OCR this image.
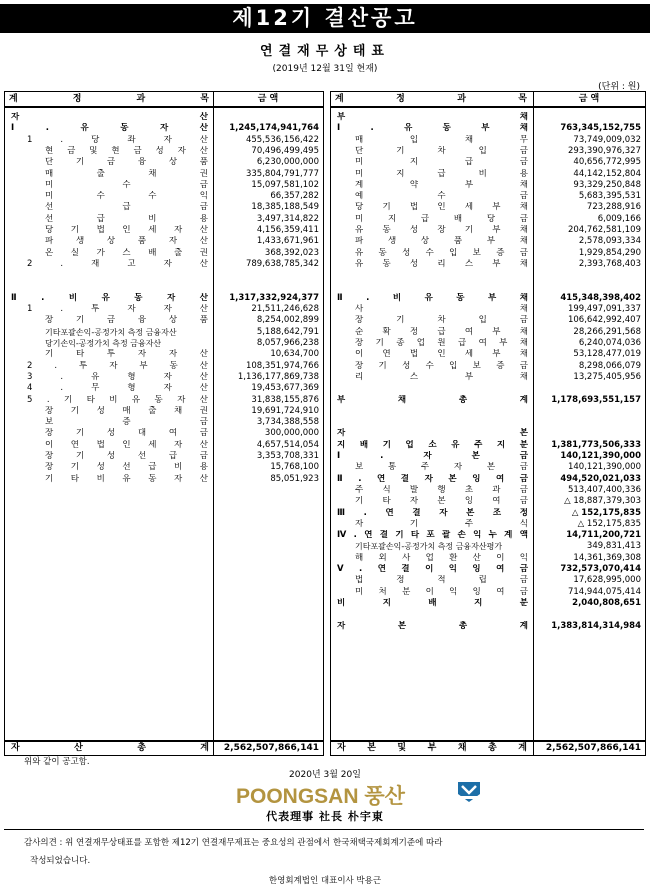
제12기 결산공고
연결재무상태표
(2019년 12월 31일 현재)
(단위 : 원)
계	정	과	목	금 액
자	산
Ⅰ	.	유	동	자	산	1,245,174,941,764
1	.	당	좌	자	산	455,536,156,422
현 금 및 현 금 성 자 산	70,496,499,495
단	기	금	융	상	품	6,230,000,000
매	출	채	권	335,804,791,777
미	수	금	15,097,581,102
미	수	수	익	66,357,282
선	급	금	18,385,188,549
선	급	비	용	3,497,314,822
당 기 법 인 세 자 산	4,156,359,411
파	생	상	품	자	산	1,433,671,961
온 실 가 스 배 출 권	368,392,023
2	.	재	고	자	산	789,638,785,342
Ⅱ	.	비	유	동	자	산	1,317,332,924,377
1	.	투	자	자	산	21,511,246,628
장	기	금	융	상	품	8,254,002,899
기타포괄손익-공정가치 측정 금융자산	5,188,642,791
당기손익-공정가치 측정 금융자산	8,057,966,238
기	타	투	자	자	산	10,634,700
2	.	투	자	부	동	산	108,351,974,766
3	.	유	형	자	산	1,136,177,869,738
4	.	무	형	자	산	19,453,677,369
5 . 기 타 비 유 동 자 산	31,838,155,876
장 기 성 매 출 채 권	19,691,724,910
보	증	금	3,734,388,558
장	기	성	대	여	금	300,000,000
이 연 법 인 세 자 산	4,657,514,054
장	기	성	선	급	금	3,353,708,331
장 기 성 선 급 비 용	15,768,100
기 타 비 유 동 자 산	85,051,923
자	산	총	계	2,562,507,866,141
계	정	과	목	금 액
부	채
Ⅰ	.	유	동	부	채	763,345,152,755
매	입	채	무	73,749,009,032
단	기	차	입	금	293,390,976,327
미	지	급	금	40,656,772,995
미	지	급	비	용	44,142,152,804
계	약	부	채	93,329,250,848
예	수	금	5,683,395,531
당 기 법 인 세 부 채	723,288,916
미	지	급	배	당	금	6,009,166
유 동 성 장 기 부 채	204,762,581,109
파	생	상	품	부	채	2,578,093,334
유 동 성 수 입 보 증 금	1,929,854,290
유 동 성 리 스 부 채	2,393,768,403
Ⅱ	.	비	유	동	부	채	415,348,398,402
사	채	199,497,091,337
장	기	차	입	금	106,642,992,407
순 확 정 급 여 부 채	28,266,291,568
장 기 종 업 원 급 여 부 채	6,240,074,036
이 연 법 인 세 부 채	53,128,477,019
장 기 성 수 입 보 증 금	8,298,066,079
리	스	부	채	13,275,405,956
부	채	총	계	1,178,693,551,157
자	본
지 배 기 업 소 유 주 지 분	1,381,773,506,333
Ⅰ	.	자	본	금	140,121,390,000
보	통	주	자	본	금	140,121,390,000
Ⅱ . 연 결 자 본 잉 여 금	494,520,021,033
주 식 발 행 초 과 금	513,407,400,336
기 타 자 본 잉 여 금	△ 18,887,379,303
Ⅲ . 연 결 자 본 조 정	△ 152,175,835
자	기	주	식	△ 152,175,835
Ⅳ . 연 결 기 타 포 괄 손 익 누 계 액	14,711,200,721
기타포괄손익-공정가치 측정 금융자산평가	349,831,413
해 외 사 업 환 산 이 익	14,361,369,308
Ⅴ . 연 결 이 익 잉 여 금	732,573,070,414
법	정	적	립	금	17,628,995,000
미 처 분 이 익 잉 여 금	714,944,075,414
비	지	배	지	분	2,040,808,651
자	본	총	계	1,383,814,314,984
자 본 및 부 채 총 계	2,562,507,866,141
위와 같이 공고함.
2020년 3월 20일
POONGSAN 풍산
代表理事 社長 朴宇東
감사의견 : 위 연결재무상태표를 포함한 제12기 연결재무제표는 중요성의 관점에서 한국채택국제회계기준에 따라
작성되었습니다.
한영회계법인 대표이사 박용근
